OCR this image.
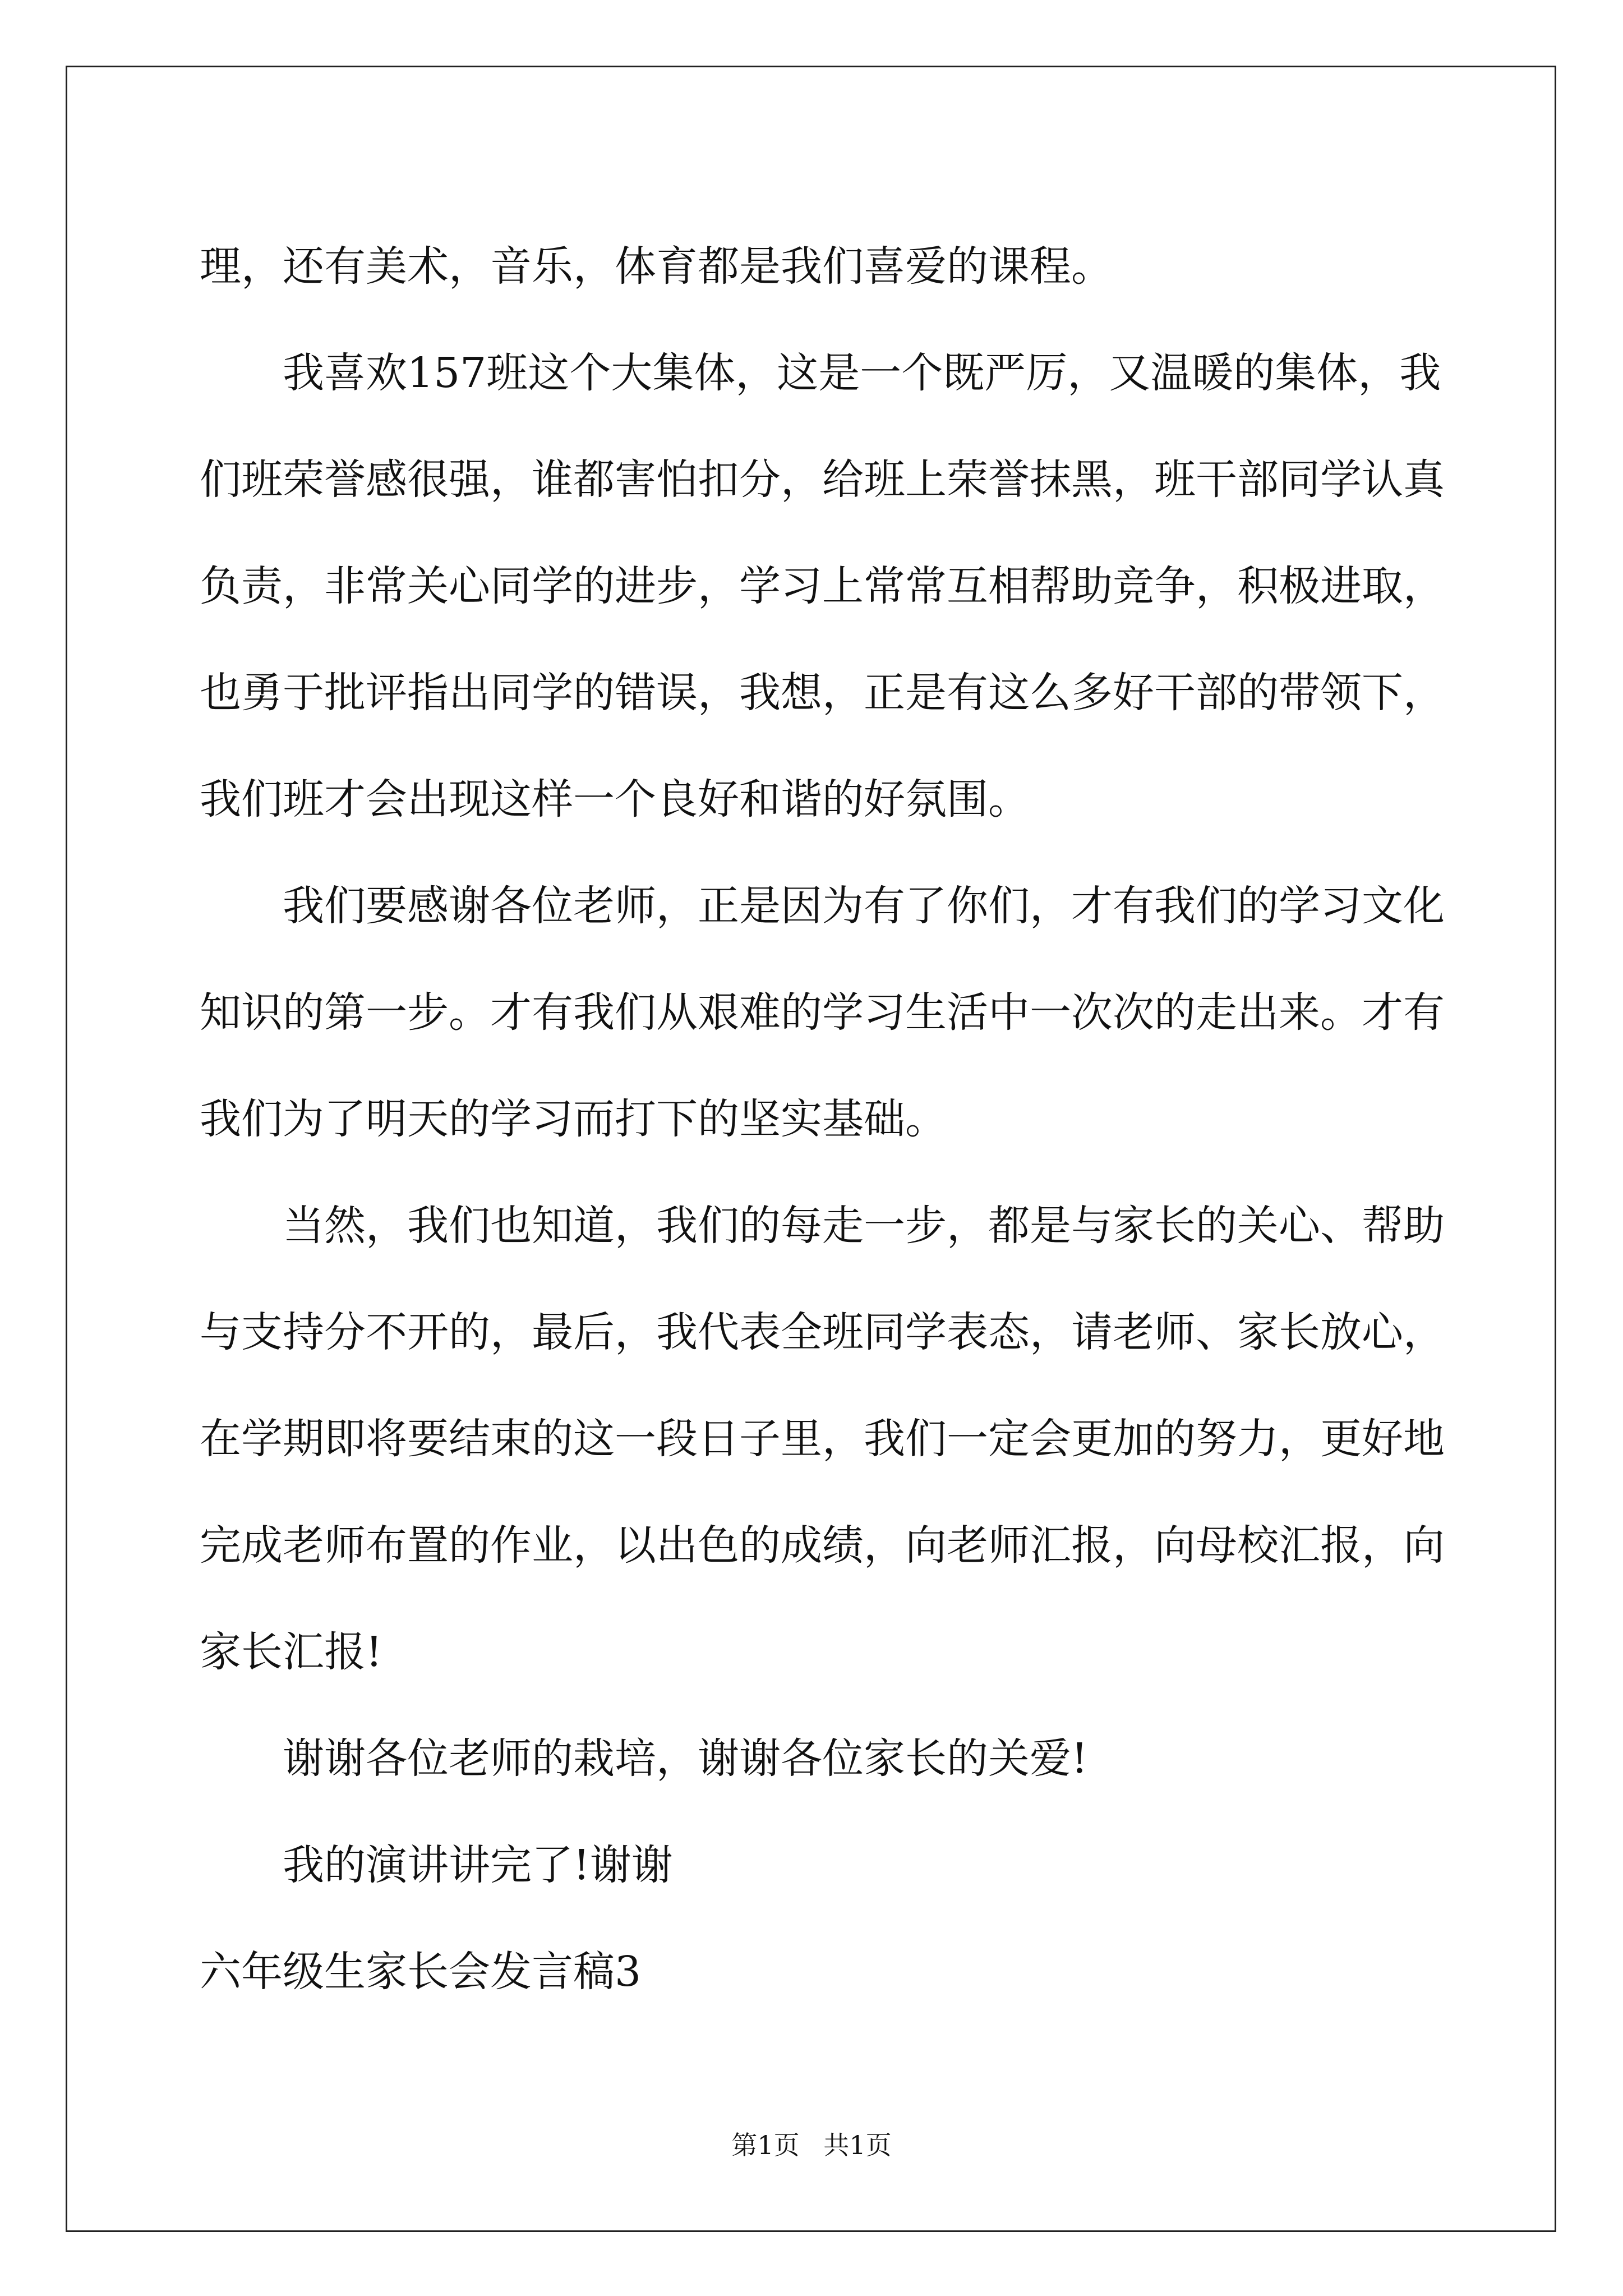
理，还有美术，音乐，体育都是我们喜爱的课程。
我喜欢157班这个大集体，这是一个既严厉，又温暖的集体，我
们班荣誉感很强，谁都害怕扣分，给班上荣誉抹黑，班干部同学认真
负责，非常关心同学的进步，学习上常常互相帮助竞争，积极进取，
也勇于批评指出同学的错误，我想，正是有这么多好干部的带领下，
我们班才会出现这样一个良好和谐的好氛围。
我们要感谢各位老师，正是因为有了你们，才有我们的学习文化
知识的第一步。才有我们从艰难的学习生活中一次次的走出来。才有
我们为了明天的学习而打下的坚实基础。
当然，我们也知道，我们的每走一步，都是与家长的关心、帮助
与支持分不开的，最后，我代表全班同学表态，请老师、家长放心，
在学期即将要结束的这一段日子里，我们一定会更加的努力，更好地
完成老师布置的作业，以出色的成绩，向老师汇报，向母校汇报，向
家长汇报!
谢谢各位老师的栽培，谢谢各位家长的关爱!
我的演讲讲完了!谢谢
六年级生家长会发言稿3
第1页 共1页
